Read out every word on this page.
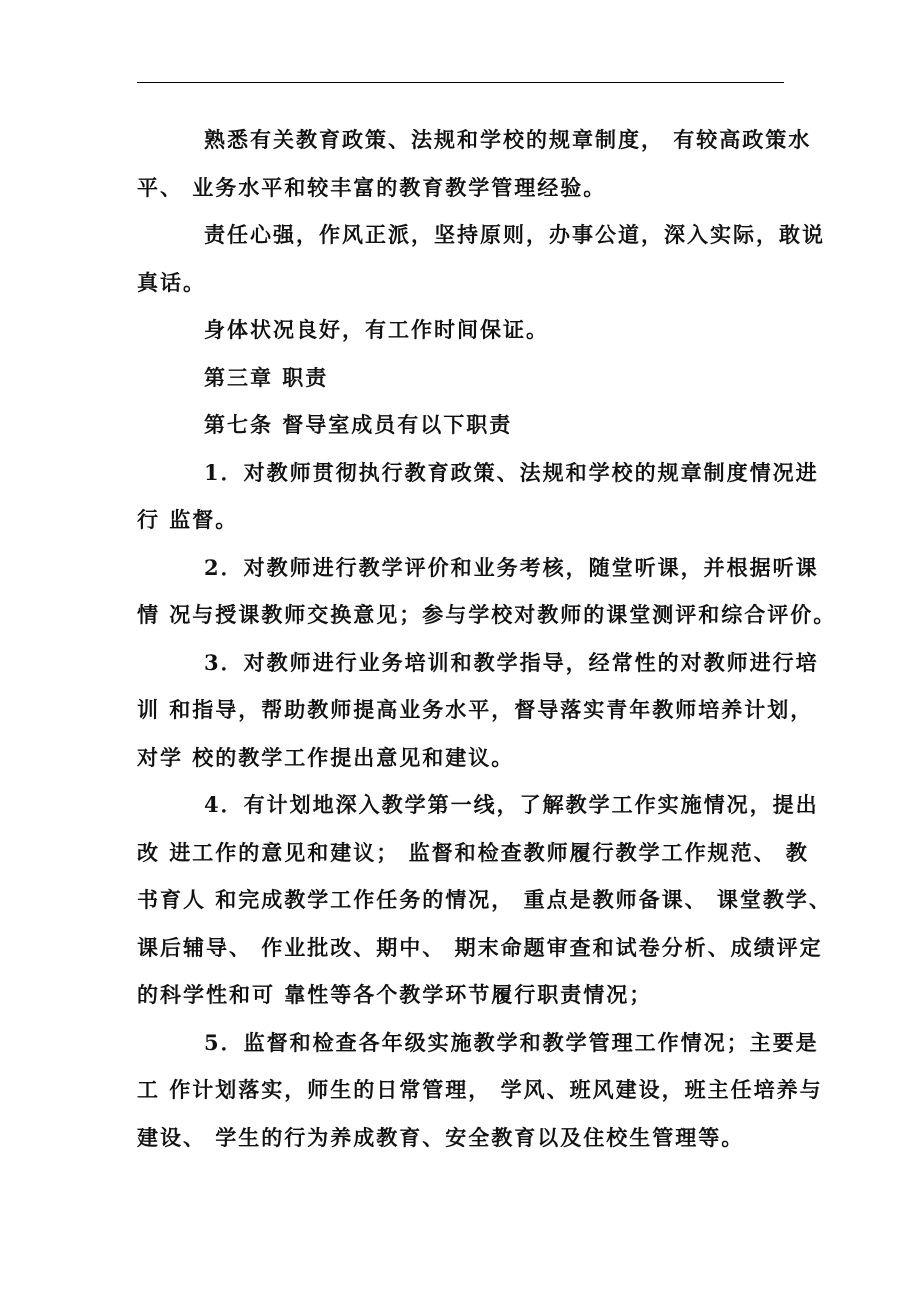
熟悉有关教育政策、法规和学校的规章制度， 有较高政策水
平、 业务水平和较丰富的教育教学管理经验。
责任心强，作风正派，坚持原则，办事公道，深入实际，敢说
真话。
身体状况良好，有工作时间保证。
第三章 职责
第七条 督导室成员有以下职责
1．对教师贯彻执行教育政策、法规和学校的规章制度情况进
行 监督。
2．对教师进行教学评价和业务考核，随堂听课，并根据听课
情 况与授课教师交换意见；参与学校对教师的课堂测评和综合评价。
3．对教师进行业务培训和教学指导，经常性的对教师进行培
训 和指导，帮助教师提高业务水平，督导落实青年教师培养计划，
对学 校的教学工作提出意见和建议。
4．有计划地深入教学第一线，了解教学工作实施情况，提出
改 进工作的意见和建议； 监督和检查教师履行教学工作规范、 教
书育人 和完成教学工作任务的情况， 重点是教师备课、 课堂教学、
课后辅导、 作业批改、期中、 期末命题审查和试卷分析、成绩评定
的科学性和可 靠性等各个教学环节履行职责情况；
5．监督和检查各年级实施教学和教学管理工作情况；主要是
工 作计划落实，师生的日常管理， 学风、班风建设，班主任培养与
建设、 学生的行为养成教育、安全教育以及住校生管理等。
